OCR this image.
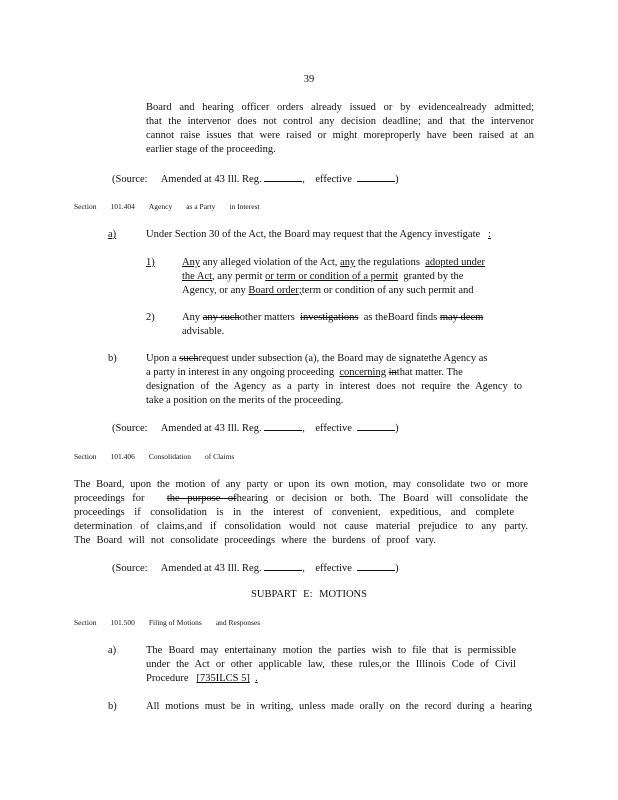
39
Board and hearing officer orders already issued or by evidencealready admitted;
that the intervenor does not control any decision deadline; and that the intervenor
cannot raise issues that were raised or might moreproperly have been raised at an
earlier stage of the proceeding.
(Source: Amended at 43 Ill. Reg.	,    effective	)
Section 101.404 Agency as a Party in Interest
a)	Under Section 30 of the Act, the Board may request that the Agency investigate :
1)	Any any alleged violation of the Act, any the regulations adopted under
the Act, any permit or term or condition of a permit granted by the
Agency, or any Board order;term or condition of any such permit and
2)	Any any suchother matters investigations as theBoard finds may deem
advisable.
b)	Upon a suchrequest under subsection (a), the Board may de signatethe Agency as
a party in interest in any ongoing proceeding concerning inthat matter. The
designation of the Agency as a party in interest does not require the Agency to
take a position on the merits of the proceeding.
(Source: Amended at 43 Ill. Reg.	,    effective	)
Section 101.406 Consolidation of Claims
The Board, upon the motion of any party or upon its own motion, may consolidate two or more
proceedings for the purpose ofhearing or decision or both. The Board will consolidate the
proceedings if consolidation is in the interest of convenient, expeditious, and complete
determination of claims,and if consolidation would not cause material prejudice to any party.
The Board will not consolidate proceedings where the burdens of proof vary.
(Source: Amended at 43 Ill. Reg.	,    effective	)
SUBPART E: MOTIONS
Section 101.500 Filing of Motions and Responses
a)	The Board may entertainany motion the parties wish to file that is permissible
under the Act or other applicable law, these rules,or the Illinois Code of Civil
Procedure [735ILCS 5] .
b)	All motions must be in writing, unless made orally on the record during a hearing
